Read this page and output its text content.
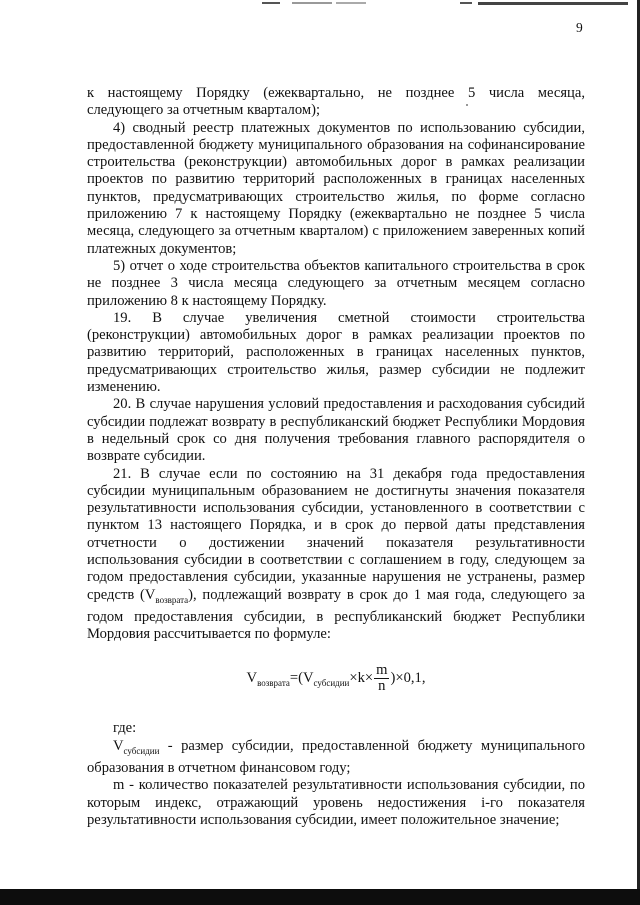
9

к настоящему Порядку (ежеквартально, не позднее 5 числа месяца, следующего за отчетным кварталом);

4) сводный реестр платежных документов по использованию субсидии, предоставленной бюджету муниципального образования на софинансирование строительства (реконструкции) автомобильных дорог в рамках реализации проектов по развитию территорий расположенных в границах населенных пунктов, предусматривающих строительство жилья, по форме согласно приложению 7 к настоящему Порядку (ежеквартально не позднее 5 числа месяца, следующего за отчетным кварталом) с приложением заверенных копий платежных документов;

5) отчет о ходе строительства объектов капитального строительства в срок не позднее 3 числа месяца следующего за отчетным месяцем согласно приложению 8 к настоящему Порядку.

19. В случае увеличения сметной стоимости строительства (реконструкции) автомобильных дорог в рамках реализации проектов по развитию территорий, расположенных в границах населенных пунктов, предусматривающих строительство жилья, размер субсидии не подлежит изменению.

20. В случае нарушения условий предоставления и расходования субсидий субсидии подлежат возврату в республиканский бюджет Республики Мордовия в недельный срок со дня получения требования главного распорядителя о возврате субсидии.

21. В случае если по состоянию на 31 декабря года предоставления субсидии муниципальным образованием не достигнуты значения показателя результативности использования субсидии, установленного в соответствии с пунктом 13 настоящего Порядка, и в срок до первой даты представления отчетности о достижении значений показателя результативности использования субсидии в соответствии с соглашением в году, следующем за годом предоставления субсидии, указанные нарушения не устранены, размер средств $(V_{возврата})$, подлежащий возврату в срок до 1 мая года, следующего за годом предоставления субсидии, в республиканский бюджет Республики Мордовия рассчитывается по формуле:

$V_{возврата}=(V_{субсидии}\times k\times \frac{m}{n} )\times 0,1$,

где:

$V_{субсидии}$ - размер субсидии, предоставленной бюджету муниципального образования в отчетном финансовом году;

m - количество показателей результативности использования субсидии, по которым индекс, отражающий уровень недостижения i-го показателя результативности использования субсидии, имеет положительное значение;
